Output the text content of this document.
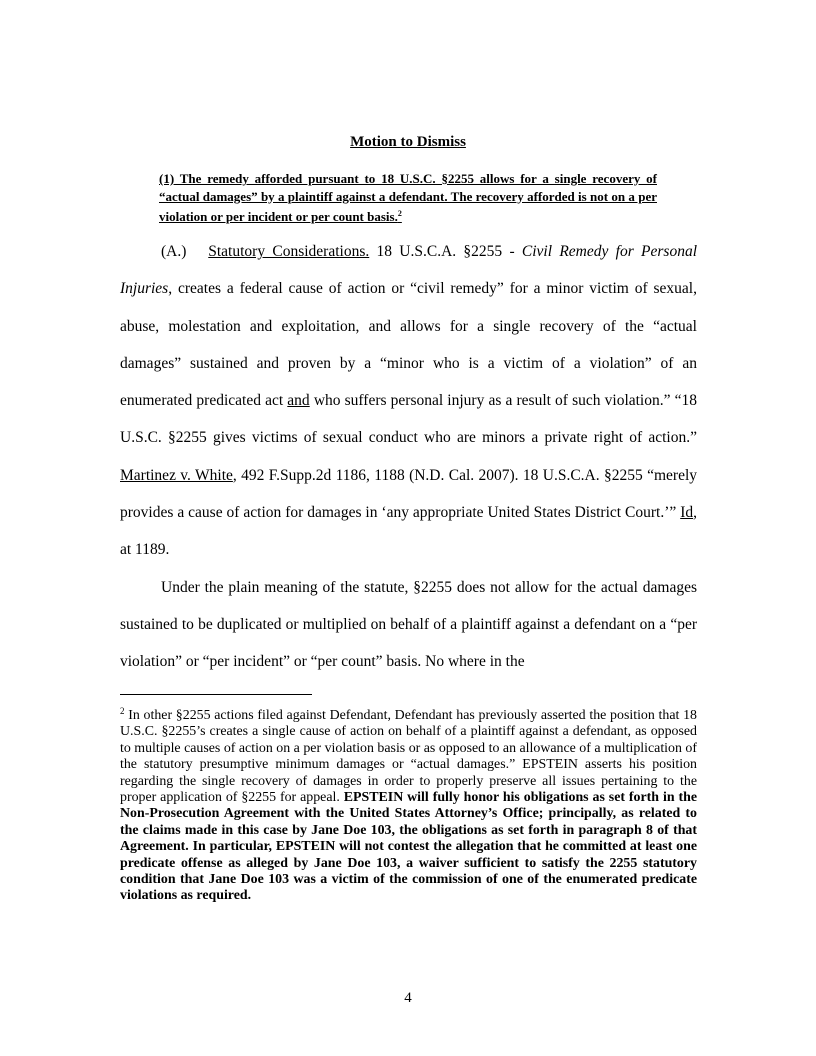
Motion to Dismiss
(1) The remedy afforded pursuant to 18 U.S.C. §2255 allows for a single recovery of “actual damages” by a plaintiff against a defendant. The recovery afforded is not on a per violation or per incident or per count basis.$^2$

(A.) Statutory Considerations. 18 U.S.C.A. §2255 - Civil Remedy for Personal Injuries, creates a federal cause of action or “civil remedy” for a minor victim of sexual, abuse, molestation and exploitation, and allows for a single recovery of the “actual damages” sustained and proven by a “minor who is a victim of a violation” of an enumerated predicated act and who suffers personal injury as a result of such violation.” “18 U.S.C. §2255 gives victims of sexual conduct who are minors a private right of action.” Martinez v. White, 492 F.Supp.2d 1186, 1188 (N.D. Cal. 2007). 18 U.S.C.A. §2255 “merely provides a cause of action for damages in ‘any appropriate United States District Court.’” Id, at 1189.

Under the plain meaning of the statute, §2255 does not allow for the actual damages sustained to be duplicated or multiplied on behalf of a plaintiff against a defendant on a “per violation” or “per incident” or “per count” basis. No where in the

$^2$ In other §2255 actions filed against Defendant, Defendant has previously asserted the position that 18 U.S.C. §2255’s creates a single cause of action on behalf of a plaintiff against a defendant, as opposed to multiple causes of action on a per violation basis or as opposed to an allowance of a multiplication of the statutory presumptive minimum damages or “actual damages.” EPSTEIN asserts his position regarding the single recovery of damages in order to properly preserve all issues pertaining to the proper application of §2255 for appeal. EPSTEIN will fully honor his obligations as set forth in the Non-Prosecution Agreement with the United States Attorney’s Office; principally, as related to the claims made in this case by Jane Doe 103, the obligations as set forth in paragraph 8 of that Agreement. In particular, EPSTEIN will not contest the allegation that he committed at least one predicate offense as alleged by Jane Doe 103, a waiver sufficient to satisfy the 2255 statutory condition that Jane Doe 103 was a victim of the commission of one of the enumerated predicate violations as required.
4
